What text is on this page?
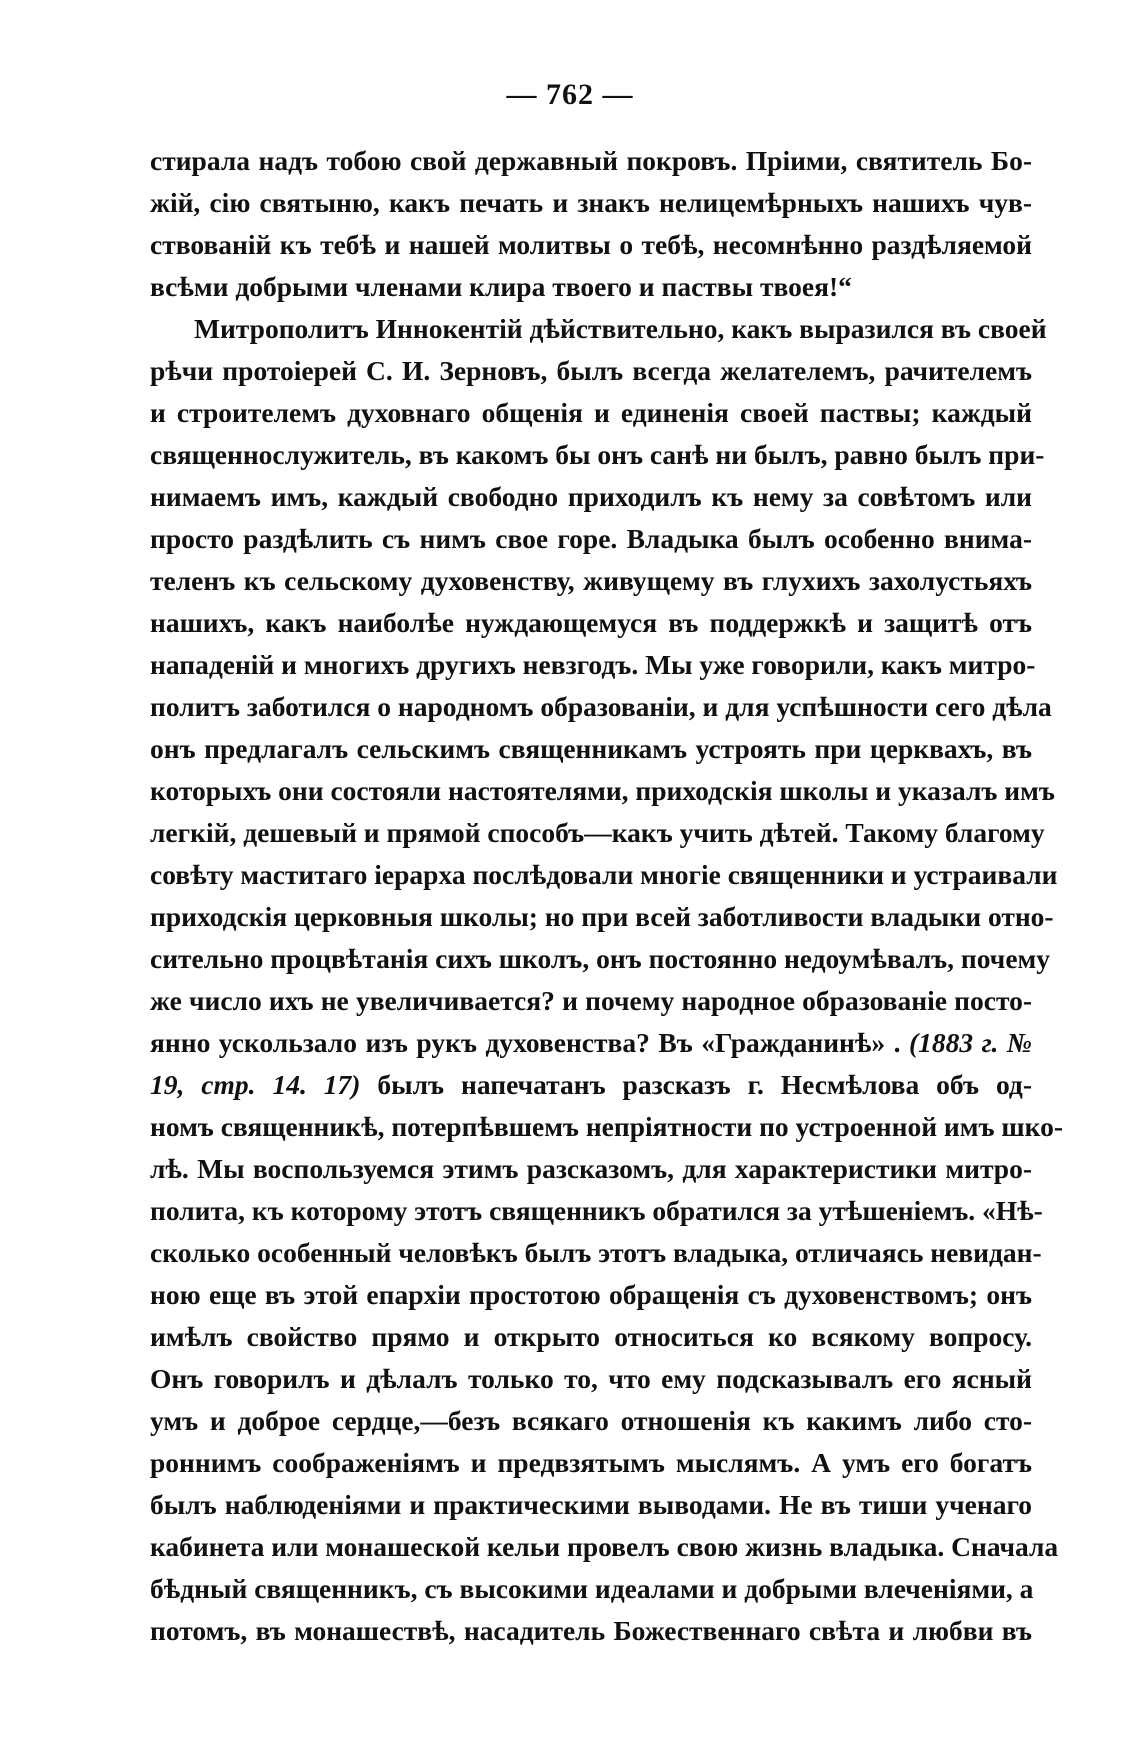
— 762 —
стирала надъ тобою свой державный покровъ. Пріими, святитель Бо-
жій, сію святыню, какъ печать и знакъ нелицемѣрныхъ нашихъ чув-
ствованій къ тебѣ и нашей молитвы о тебѣ, несомнѣнно раздѣляемой
всѣми добрыми членами клира твоего и паствы твоея!“
Митрополитъ Иннокентій дѣйствительно, какъ выразился въ своей
рѣчи протоіерей С. И. Зерновъ, былъ всегда желателемъ, рачителемъ
и строителемъ духовнаго общенія и единенія своей паствы; каждый
священнослужитель, въ какомъ бы онъ санѣ ни былъ, равно былъ при-
нимаемъ имъ, каждый свободно приходилъ къ нему за совѣтомъ или
просто раздѣлить съ нимъ свое горе. Владыка былъ особенно внима-
теленъ къ сельскому духовенству, живущему въ глухихъ захолустьяхъ
нашихъ, какъ наиболѣе нуждающемуся въ поддержкѣ и защитѣ отъ
нападеній и многихъ другихъ невзгодъ. Мы уже говорили, какъ митро-
политъ заботился о народномъ образованіи, и для успѣшности сего дѣла
онъ предлагалъ сельскимъ священникамъ устроять при церквахъ, въ
которыхъ они состояли настоятелями, приходскія школы и указалъ имъ
легкій, дешевый и прямой способъ—какъ учить дѣтей. Такому благому
совѣту маститаго іерарха послѣдовали многіе священники и устраивали
приходскія церковныя школы; но при всей заботливости владыки отно-
сительно процвѣтанія сихъ школъ, онъ постоянно недоумѣвалъ, почему
же число ихъ не увеличивается? и почему народное образованіе посто-
янно ускользало изъ рукъ духовенства? Въ «Гражданинѣ» . (1883 г. №
19, стр. 14. 17) былъ напечатанъ разсказъ г. Несмѣлова объ од-
номъ священникѣ, потерпѣвшемъ непріятности по устроенной имъ шко-
лѣ. Мы воспользуемся этимъ разсказомъ, для характеристики митро-
полита, къ которому этотъ священникъ обратился за утѣшеніемъ. «Нѣ-
сколько особенный человѣкъ былъ этотъ владыка, отличаясь невидан-
ною еще въ этой епархіи простотою обращенія съ духовенствомъ; онъ
имѣлъ свойство прямо и открыто относиться ко всякому вопросу.
Онъ говорилъ и дѣлалъ только то, что ему подсказывалъ его ясный
умъ и доброе сердце,—безъ всякаго отношенія къ какимъ либо сто-
роннимъ соображеніямъ и предвзятымъ мыслямъ. А умъ его богатъ
былъ наблюденіями и практическими выводами. Не въ тиши ученаго
кабинета или монашеской кельи провелъ свою жизнь владыка. Сначала
бѣдный священникъ, съ высокими идеалами и добрыми влеченіями, а
потомъ, въ монашествѣ, насадитель Божественнаго свѣта и любви въ
